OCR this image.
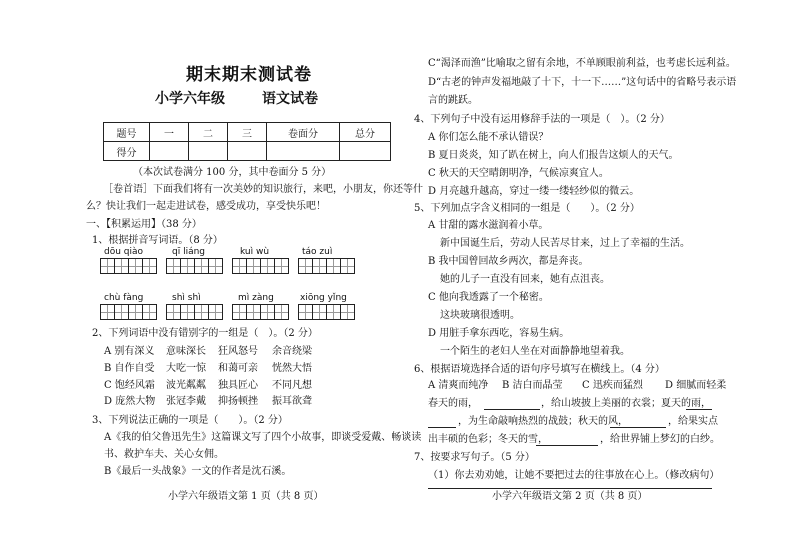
期末期末测试卷
小学六年级	语文试卷
题号	一	二	三	卷面分	总分
得分					
（本次试卷满分 100 分，其中卷面分 5 分）
［卷首语］下面我们将有一次美妙的知识旅行，来吧，小朋友，你还等什
么？快让我们一起走进试卷，感受成功，享受快乐吧！
一、【积累运用】（38 分）
1、根据拼音写词语。（8 分）
dōu qiào	qī liáng	kuì wù	táo zuì
chù fàng	shì shì	mì zàng	xiōng yǐng
2、下列词语中没有错别字的一组是（　）。（2 分）
A 别有深义 意味深长 狂风怒号 余音绕梁
B 自作自受 大吃一惊 和蔼可亲 恍然大悟
C 饱经风霜 波光粼粼 独具匠心 不同凡想
D 庞然大物 张冠李戴 抑扬顿挫 振耳欲聋
3、下列说法正确的一项是（　　）。（2 分）
A《我的伯父鲁迅先生》这篇课文写了四个小故事，即谈受爱戴、畅谈读
书、救护车夫、关心女佣。
B《最后一头战象》一文的作者是沈石溪。
小学六年级语文第 1 页（共 8 页）
C“渴泽而渔”比喻取之留有余地，不单顾眼前利益，也考虑长远利益。
D“古老的钟声发福地敲了十下，十一下……”这句话中的省略号表示语
言的跳跃。
4、下列句子中没有运用修辞手法的一项是（　）。（2 分）
A 你们怎么能不承认错误？
B 夏日炎炎，知了趴在树上，向人们报告这烦人的天气。
C 秋天的天空晴朗明净，气候凉爽宜人。
D 月亮越升越高，穿过一缕一缕轻纱似的微云。
5、下列加点字含义相同的一组是（　　）。（2 分）
A 甘甜的露水滋润着小草。
新中国诞生后，劳动人民苦尽甘来，过上了幸福的生活。
B 我中国曾回故乡两次，都是奔丧。
她的儿子一直没有回来，她有点沮丧。
C 他向我透露了一个秘密。
这块玻璃很透明。
D 用脏手拿东西吃，容易生病。
一个陌生的老妇人坐在对面静静地望着我。
6、根据语境选择合适的语句序号填写在横线上。（4 分）
A 清爽而纯净 B 洁白而晶莹 C 迅疾而猛烈 D 细腻而轻柔
春天的雨，	，给山坡披上美丽的衣裳；夏天的雨，
，为生命敲响热烈的战鼓；秋天的风，	，给果实点
出丰硕的色彩；冬天的雪，	，给世界铺上梦幻的白纱。
7、按要求写句子。（5 分）
（1）你去劝劝她，让她不要把过去的往事放在心上。（修改病句）
小学六年级语文第 2 页（共 8 页）
